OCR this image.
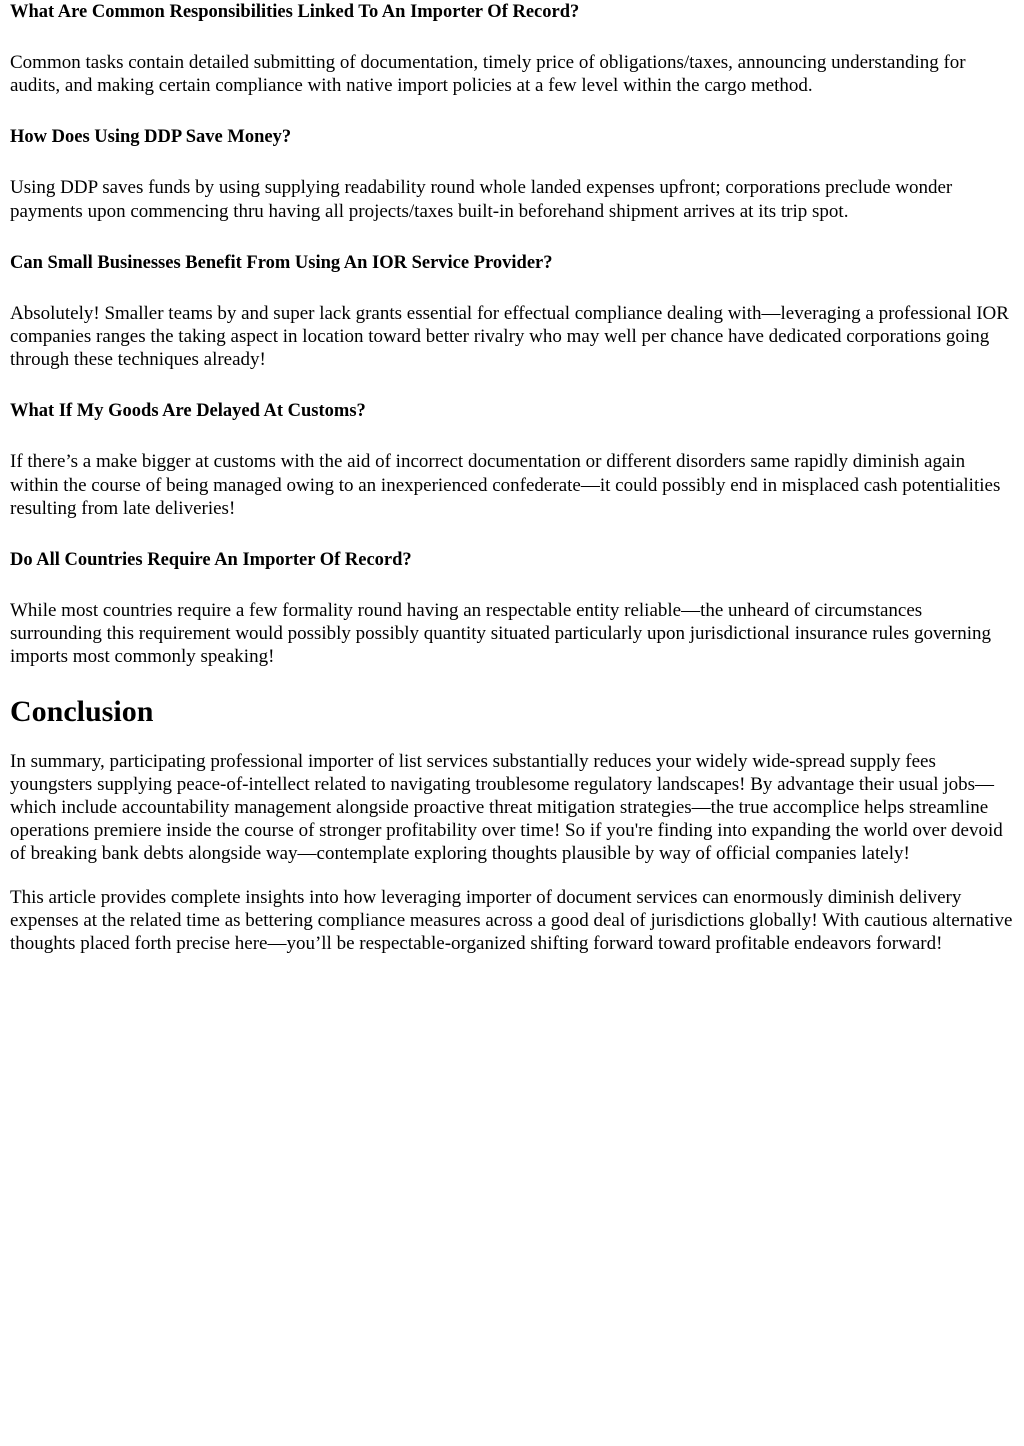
What Are Common Responsibilities Linked To An Importer Of Record?

Common tasks contain detailed submitting of documentation, timely price of obligations/taxes, announcing understanding for audits, and making certain compliance with native import policies at a few level within the cargo method.

How Does Using DDP Save Money?

Using DDP saves funds by using supplying readability round whole landed expenses upfront; corporations preclude wonder payments upon commencing thru having all projects/taxes built-in beforehand shipment arrives at its trip spot.

Can Small Businesses Benefit From Using An IOR Service Provider?

Absolutely! Smaller teams by and super lack grants essential for effectual compliance dealing with—leveraging a professional IOR companies ranges the taking aspect in location toward better rivalry who may well per chance have dedicated corporations going through these techniques already!

What If My Goods Are Delayed At Customs?

If there’s a make bigger at customs with the aid of incorrect documentation or different disorders same rapidly diminish again within the course of being managed owing to an inexperienced confederate—it could possibly end in misplaced cash potentialities resulting from late deliveries!

Do All Countries Require An Importer Of Record?

While most countries require a few formality round having an respectable entity reliable—the unheard of circumstances surrounding this requirement would possibly possibly quantity situated particularly upon jurisdictional insurance rules governing imports most commonly speaking!

Conclusion

In summary, participating professional importer of list services substantially reduces your widely wide-spread supply fees youngsters supplying peace-of-intellect related to navigating troublesome regulatory landscapes! By advantage their usual jobs—which include accountability management alongside proactive threat mitigation strategies—the true accomplice helps streamline operations premiere inside the course of stronger profitability over time! So if you're finding into expanding the world over devoid of breaking bank debts alongside way—contemplate exploring thoughts plausible by way of official companies lately!

This article provides complete insights into how leveraging importer of document services can enormously diminish delivery expenses at the related time as bettering compliance measures across a good deal of jurisdictions globally! With cautious alternative thoughts placed forth precise here—you’ll be respectable-organized shifting forward toward profitable endeavors forward!
